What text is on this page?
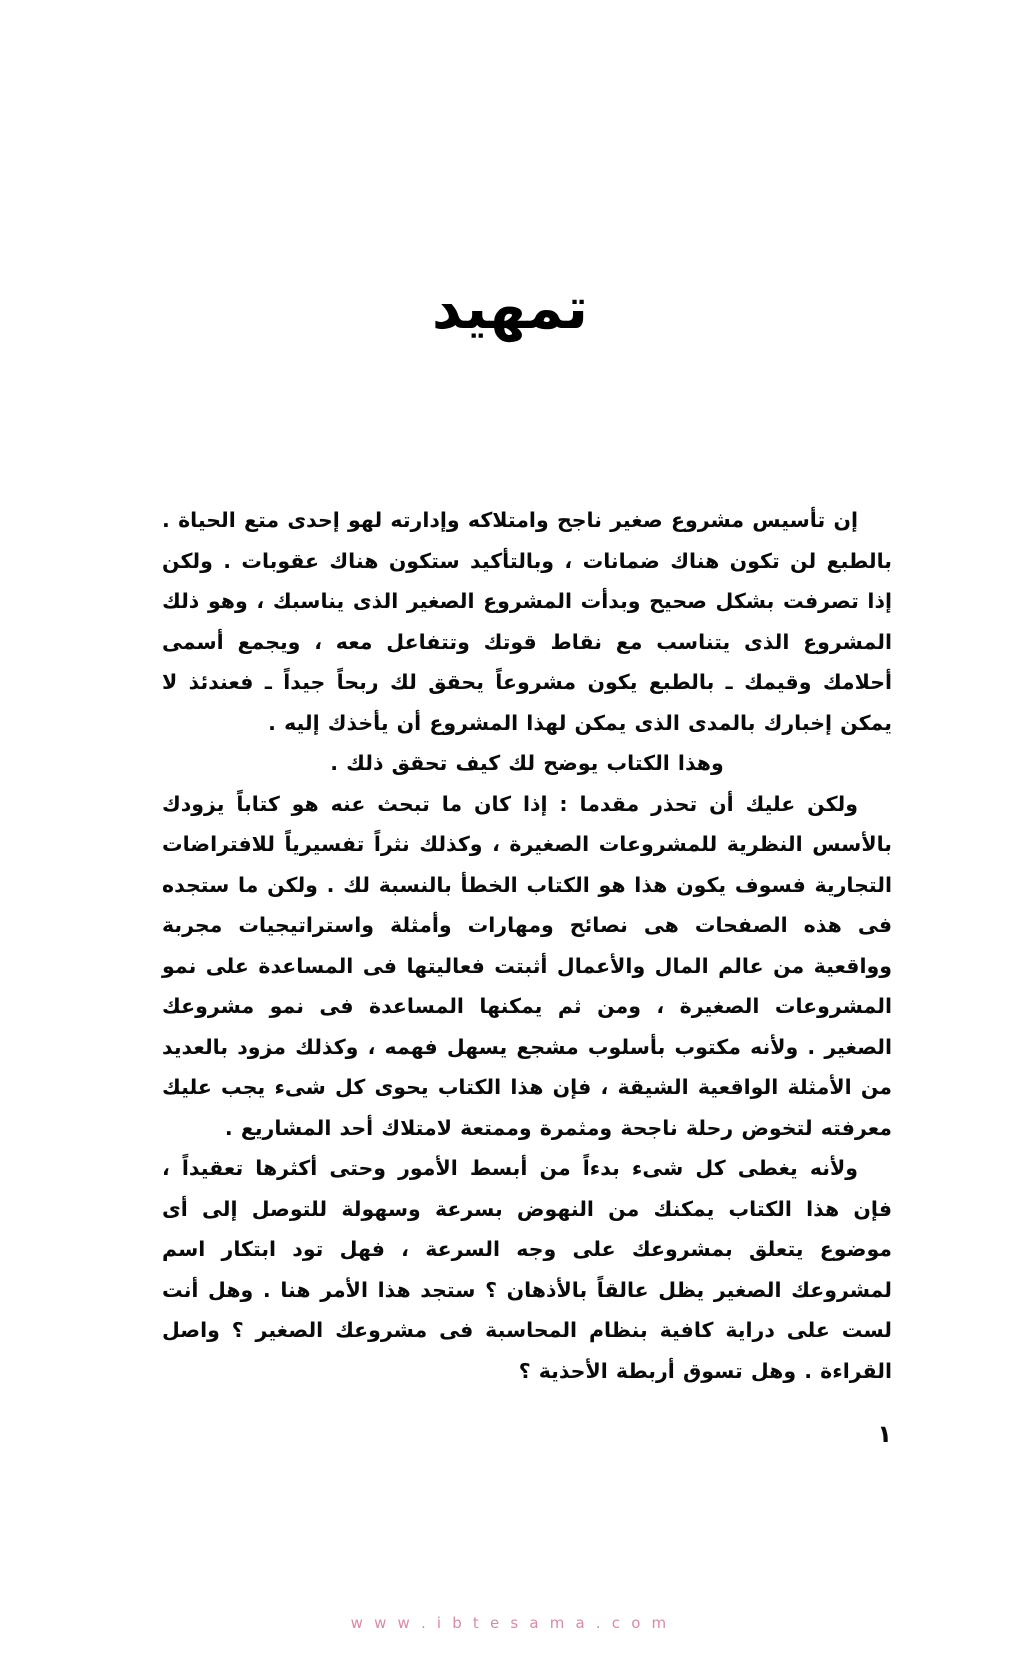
تمهيد

إن تأسيس مشروع صغير ناجح وامتلاكه وإدارته لهو إحدى متع الحياة . بالطبع لن تكون هناك ضمانات ، وبالتأكيد ستكون هناك عقوبات . ولكن إذا تصرفت بشكل صحيح وبدأت المشروع الصغير الذى يناسبك ، وهو ذلك المشروع الذى يتناسب مع نقاط قوتك وتتفاعل معه ، ويجمع أسمى أحلامك وقيمك ـ بالطبع يكون مشروعاً يحقق لك ربحاً جيداً ـ فعندئذ لا يمكن إخبارك بالمدى الذى يمكن لهذا المشروع أن يأخذك إليه .

وهذا الكتاب يوضح لك كيف تحقق ذلك .

ولكن عليك أن تحذر مقدما : إذا كان ما تبحث عنه هو كتاباً يزودك بالأسس النظرية للمشروعات الصغيرة ، وكذلك نثراً تفسيرياً للافتراضات التجارية فسوف يكون هذا هو الكتاب الخطأ بالنسبة لك . ولكن ما ستجده فى هذه الصفحات هى نصائح ومهارات وأمثلة واستراتيجيات مجربة وواقعية من عالم المال والأعمال أثبتت فعاليتها فى المساعدة على نمو المشروعات الصغيرة ، ومن ثم يمكنها المساعدة فى نمو مشروعك الصغير . ولأنه مكتوب بأسلوب مشجع يسهل فهمه ، وكذلك مزود بالعديد من الأمثلة الواقعية الشيقة ، فإن هذا الكتاب يحوى كل شىء يجب عليك معرفته لتخوض رحلة ناجحة ومثمرة وممتعة لامتلاك أحد المشاريع .

ولأنه يغطى كل شىء بدءاً من أبسط الأمور وحتى أكثرها تعقيداً ، فإن هذا الكتاب يمكنك من النهوض بسرعة وسهولة للتوصل إلى أى موضوع يتعلق بمشروعك على وجه السرعة ، فهل تود ابتكار اسم لمشروعك الصغير يظل عالقاً بالأذهان ؟ ستجد هذا الأمر هنا . وهل أنت لست على دراية كافية بنظام المحاسبة فى مشروعك الصغير ؟ واصل القراءة . وهل تسوق أربطة الأحذية ؟

١
w w w . i b t e s a m a . c o m
